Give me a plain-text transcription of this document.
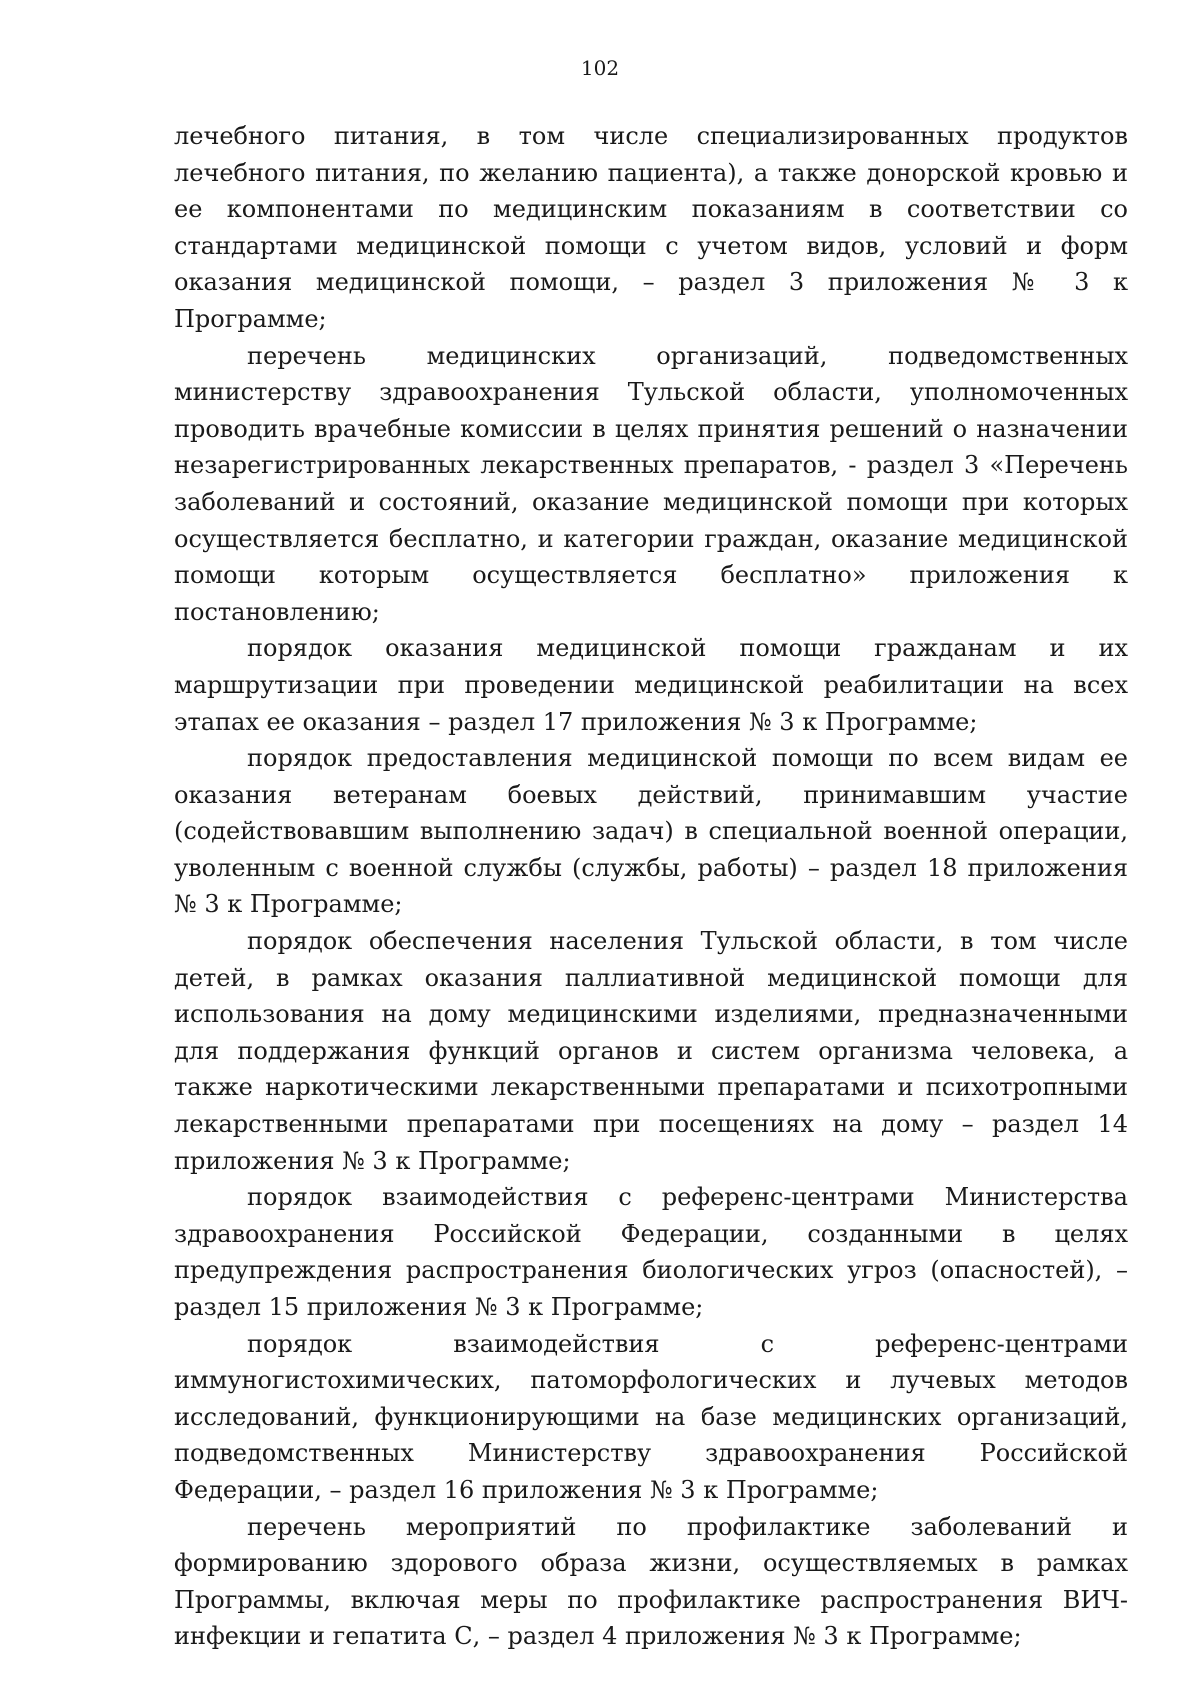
102

лечебного питания, в том числе специализированных продуктов лечебного питания, по желанию пациента), а также донорской кровью и ее компонентами по медицинским показаниям в соответствии со стандартами медицинской помощи с учетом видов, условий и форм оказания медицинской помощи, – раздел 3 приложения № 3 к Программе;

перечень медицинских организаций, подведомственных министерству здравоохранения Тульской области, уполномоченных проводить врачебные комиссии в целях принятия решений о назначении незарегистрированных лекарственных препаратов, - раздел 3 «Перечень заболеваний и состояний, оказание медицинской помощи при которых осуществляется бесплатно, и категории граждан, оказание медицинской помощи которым осуществляется бесплатно» приложения к постановлению;

порядок оказания медицинской помощи гражданам и их маршрутизации при проведении медицинской реабилитации на всех этапах ее оказания – раздел 17 приложения № 3 к Программе;

порядок предоставления медицинской помощи по всем видам ее оказания ветеранам боевых действий, принимавшим участие (содействовавшим выполнению задач) в специальной военной операции, уволенным с военной службы (службы, работы) – раздел 18 приложения № 3 к Программе;

порядок обеспечения населения Тульской области, в том числе детей, в рамках оказания паллиативной медицинской помощи для использования на дому медицинскими изделиями, предназначенными для поддержания функций органов и систем организма человека, а также наркотическими лекарственными препаратами и психотропными лекарственными препаратами при посещениях на дому – раздел 14 приложения № 3 к Программе;

порядок взаимодействия с референс-центрами Министерства здравоохранения Российской Федерации, созданными в целях предупреждения распространения биологических угроз (опасностей), – раздел 15 приложения № 3 к Программе;

порядок взаимодействия с референс-центрами иммуногистохимических, патоморфологических и лучевых методов исследований, функционирующими на базе медицинских организаций, подведомственных Министерству здравоохранения Российской Федерации, – раздел 16 приложения № 3 к Программе;

перечень мероприятий по профилактике заболеваний и формированию здорового образа жизни, осуществляемых в рамках Программы, включая меры по профилактике распространения ВИЧ-инфекции и гепатита С, – раздел 4 приложения № 3 к Программе;
